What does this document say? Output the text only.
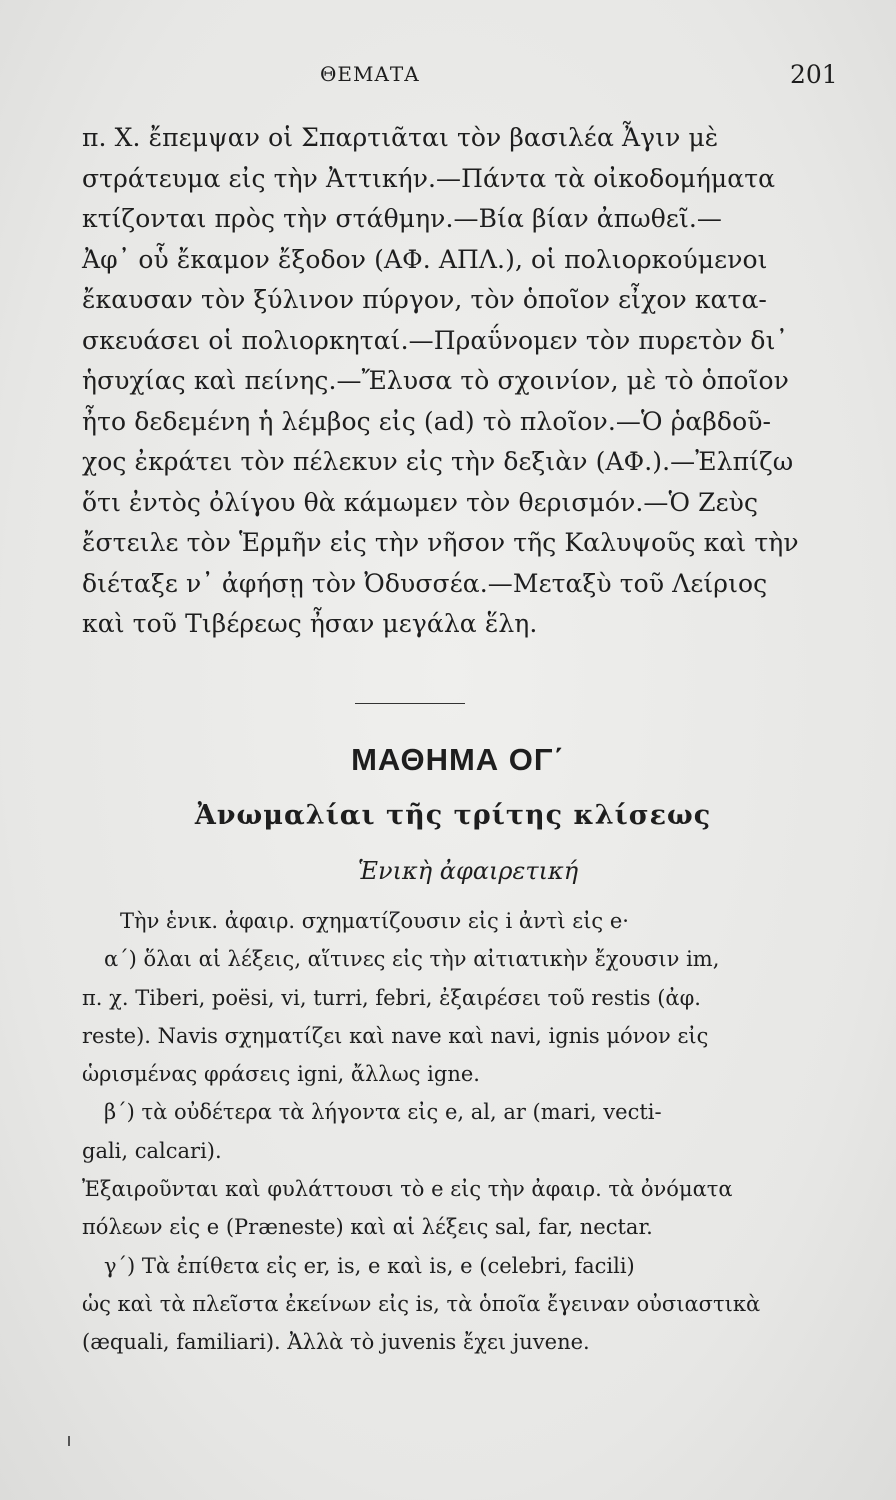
ΘΕΜΑΤΑ	201
π. Χ. ἔπεμψαν οἱ Σπαρτιᾶται τὸν βασιλέα Ἆγιν μὲ
στράτευμα εἰς τὴν Ἀττικήν.—Πάντα τὰ οἰκοδομήματα
κτίζονται πρὸς τὴν στάθμην.—Βία βίαν ἀπωθεῖ.—
Ἀφ᾽ οὗ ἔκαμον ἔξοδον (ΑΦ. ΑΠΛ.), οἱ πολιορκούμενοι
ἔκαυσαν τὸν ξύλινον πύργον, τὸν ὁποῖον εἶχον κατα-
σκευάσει οἱ πολιορκηταί.—Πραΰνομεν τὸν πυρετὸν δι᾽
ἡσυχίας καὶ πείνης.—Ἔλυσα τὸ σχοινίον, μὲ τὸ ὁποῖον
ἦτο δεδεμένη ἡ λέμβος εἰς (ad) τὸ πλοῖον.—Ὁ ῥαβδοῦ-
χος ἐκράτει τὸν πέλεκυν εἰς τὴν δεξιὰν (ΑΦ.).—Ἐλπίζω
ὅτι ἐντὸς ὀλίγου θὰ κάμωμεν τὸν θερισμόν.—Ὁ Ζεὺς
ἔστειλε τὸν Ἑρμῆν εἰς τὴν νῆσον τῆς Καλυψοῦς καὶ τὴν
διέταξε ν᾽ ἀφήσῃ τὸν Ὀδυσσέα.—Μεταξὺ τοῦ Λείριος
καὶ τοῦ Τιβέρεως ἦσαν μεγάλα ἕλη.
ΜΑΘΗΜΑ ΟΓ΄
Ἀνωμαλίαι τῆς τρίτης κλίσεως
Ἑνικὴ ἀφαιρετική
Τὴν ἑνικ. ἀφαιρ. σχηματίζουσιν εἰς i ἀντὶ εἰς e·
α΄) ὅλαι αἱ λέξεις, αἵτινες εἰς τὴν αἰτιατικὴν ἔχουσιν im,
π. χ. Tiberi, poësi, vi, turri, febri, ἐξαιρέσει τοῦ restis (ἀφ.
reste). Navis σχηματίζει καὶ nave καὶ navi, ignis μόνον εἰς
ὡρισμένας φράσεις igni, ἄλλως igne.
β΄) τὰ οὐδέτερα τὰ λήγοντα εἰς e, al, ar (mari, vecti-
gali, calcari).
Ἐξαιροῦνται καὶ φυλάττουσι τὸ e εἰς τὴν ἀφαιρ. τὰ ὀνόματα
πόλεων εἰς e (Præneste) καὶ αἱ λέξεις sal, far, nectar.
γ΄) Τὰ ἐπίθετα εἰς er, is, e καὶ is, e (celebri, facili)
ὡς καὶ τὰ πλεῖστα ἐκείνων εἰς is, τὰ ὁποῖα ἔγειναν οὐσιαστικὰ
(æquali, familiari). Ἀλλὰ τὸ juvenis ἔχει juvene.
